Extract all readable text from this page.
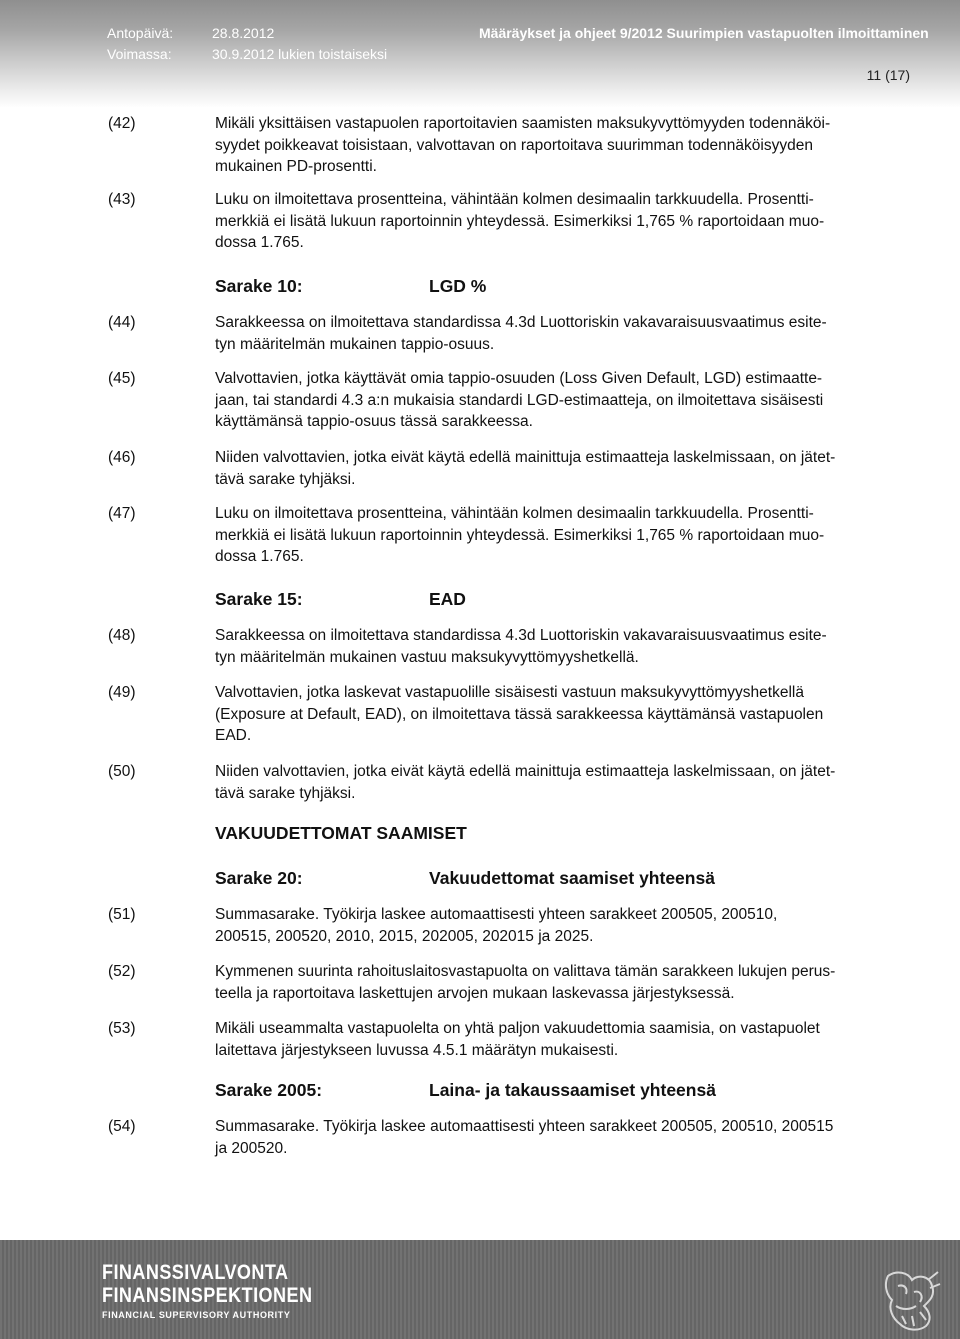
Antopäivä:	28.8.2012
Voimassa:	30.9.2012 lukien toistaiseksi
Määräykset ja ohjeet 9/2012 Suurimpien vastapuolten ilmoittaminen
11 (17)
(42)	Mikäli yksittäisen vastapuolen raportoitavien saamisten maksukyvyttömyyden todennäköi-
syydet poikkeavat toisistaan, valvottavan on raportoitava suurimman todennäköisyyden
mukainen PD-prosentti.
(43)	Luku on ilmoitettava prosentteina, vähintään kolmen desimaalin tarkkuudella. Prosentti-
merkkiä ei lisätä lukuun raportoinnin yhteydessä. Esimerkiksi 1,765 % raportoidaan muo-
dossa 1.765.
Sarake 10:	LGD %
(44)	Sarakkeessa on ilmoitettava standardissa 4.3d Luottoriskin vakavaraisuusvaatimus esite-
tyn määritelmän mukainen tappio-osuus.
(45)	Valvottavien, jotka käyttävät omia tappio-osuuden (Loss Given Default, LGD) estimaatte-
jaan, tai standardi 4.3 a:n mukaisia standardi LGD-estimaatteja, on ilmoitettava sisäisesti
käyttämänsä tappio-osuus tässä sarakkeessa.
(46)	Niiden valvottavien, jotka eivät käytä edellä mainittuja estimaatteja laskelmissaan, on jätet-
tävä sarake tyhjäksi.
(47)	Luku on ilmoitettava prosentteina, vähintään kolmen desimaalin tarkkuudella. Prosentti-
merkkiä ei lisätä lukuun raportoinnin yhteydessä. Esimerkiksi 1,765 % raportoidaan muo-
dossa 1.765.
Sarake 15:	EAD
(48)	Sarakkeessa on ilmoitettava standardissa 4.3d Luottoriskin vakavaraisuusvaatimus esite-
tyn määritelmän mukainen vastuu maksukyvyttömyyshetkellä.
(49)	Valvottavien, jotka laskevat vastapuolille sisäisesti vastuun maksukyvyttömyyshetkellä
(Exposure at Default, EAD), on ilmoitettava tässä sarakkeessa käyttämänsä vastapuolen
EAD.
(50)	Niiden valvottavien, jotka eivät käytä edellä mainittuja estimaatteja laskelmissaan, on jätet-
tävä sarake tyhjäksi.
VAKUUDETTOMAT SAAMISET
Sarake 20:	Vakuudettomat saamiset yhteensä
(51)	Summasarake. Työkirja laskee automaattisesti yhteen sarakkeet 200505, 200510,
200515, 200520, 2010, 2015, 202005, 202015 ja 2025.
(52)	Kymmenen suurinta rahoituslaitosvastapuolta on valittava tämän sarakkeen lukujen perus-
teella ja raportoitava laskettujen arvojen mukaan laskevassa järjestyksessä.
(53)	Mikäli useammalta vastapuolelta on yhtä paljon vakuudettomia saamisia, on vastapuolet
laitettava järjestykseen luvussa 4.5.1 määrätyn mukaisesti.
Sarake 2005:	Laina- ja takaussaamiset yhteensä
(54)	Summasarake. Työkirja laskee automaattisesti yhteen sarakkeet 200505, 200510, 200515
ja 200520.
FINANSSIVALVONTA
FINANSINSPEKTIONEN
FINANCIAL SUPERVISORY AUTHORITY
